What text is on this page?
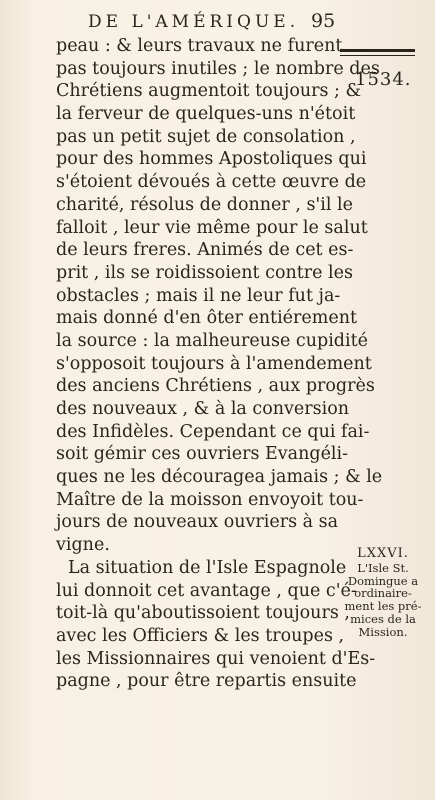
DE L'AMÉRIQUE. 95
1534.
peau : & leurs travaux ne furent
pas toujours inutiles ; le nombre des
Chrétiens augmentoit toujours ; &
la ferveur de quelques-uns n'étoit
pas un petit sujet de consolation ,
pour des hommes Apostoliques qui
s'étoient dévoués à cette œuvre de
charité, résolus de donner , s'il le
falloit , leur vie même pour le salut
de leurs freres. Animés de cet es-
prit , ils se roidissoient contre les
obstacles ; mais il ne leur fut ja-
mais donné d'en ôter entiérement
la source : la malheureuse cupidité
s'opposoit toujours à l'amendement
des anciens Chrétiens , aux progrès
des nouveaux , & à la conversion
des Infidèles. Cependant ce qui fai-
soit gémir ces ouvriers Evangéli-
ques ne les découragea jamais ; & le
Maître de la moisson envoyoit tou-
jours de nouveaux ouvriers à sa
vigne.
La situation de l'Isle Espagnole
lui donnoit cet avantage , que c'é-
toit-là qu'aboutissoient toujours ,
avec les Officiers & les troupes ,
les Missionnaires qui venoient d'Es-
pagne , pour être repartis ensuite
LXXVI.
L'Isle St.
Domingue a
ordinaire-
ment les pré-
mices de la
Mission.
